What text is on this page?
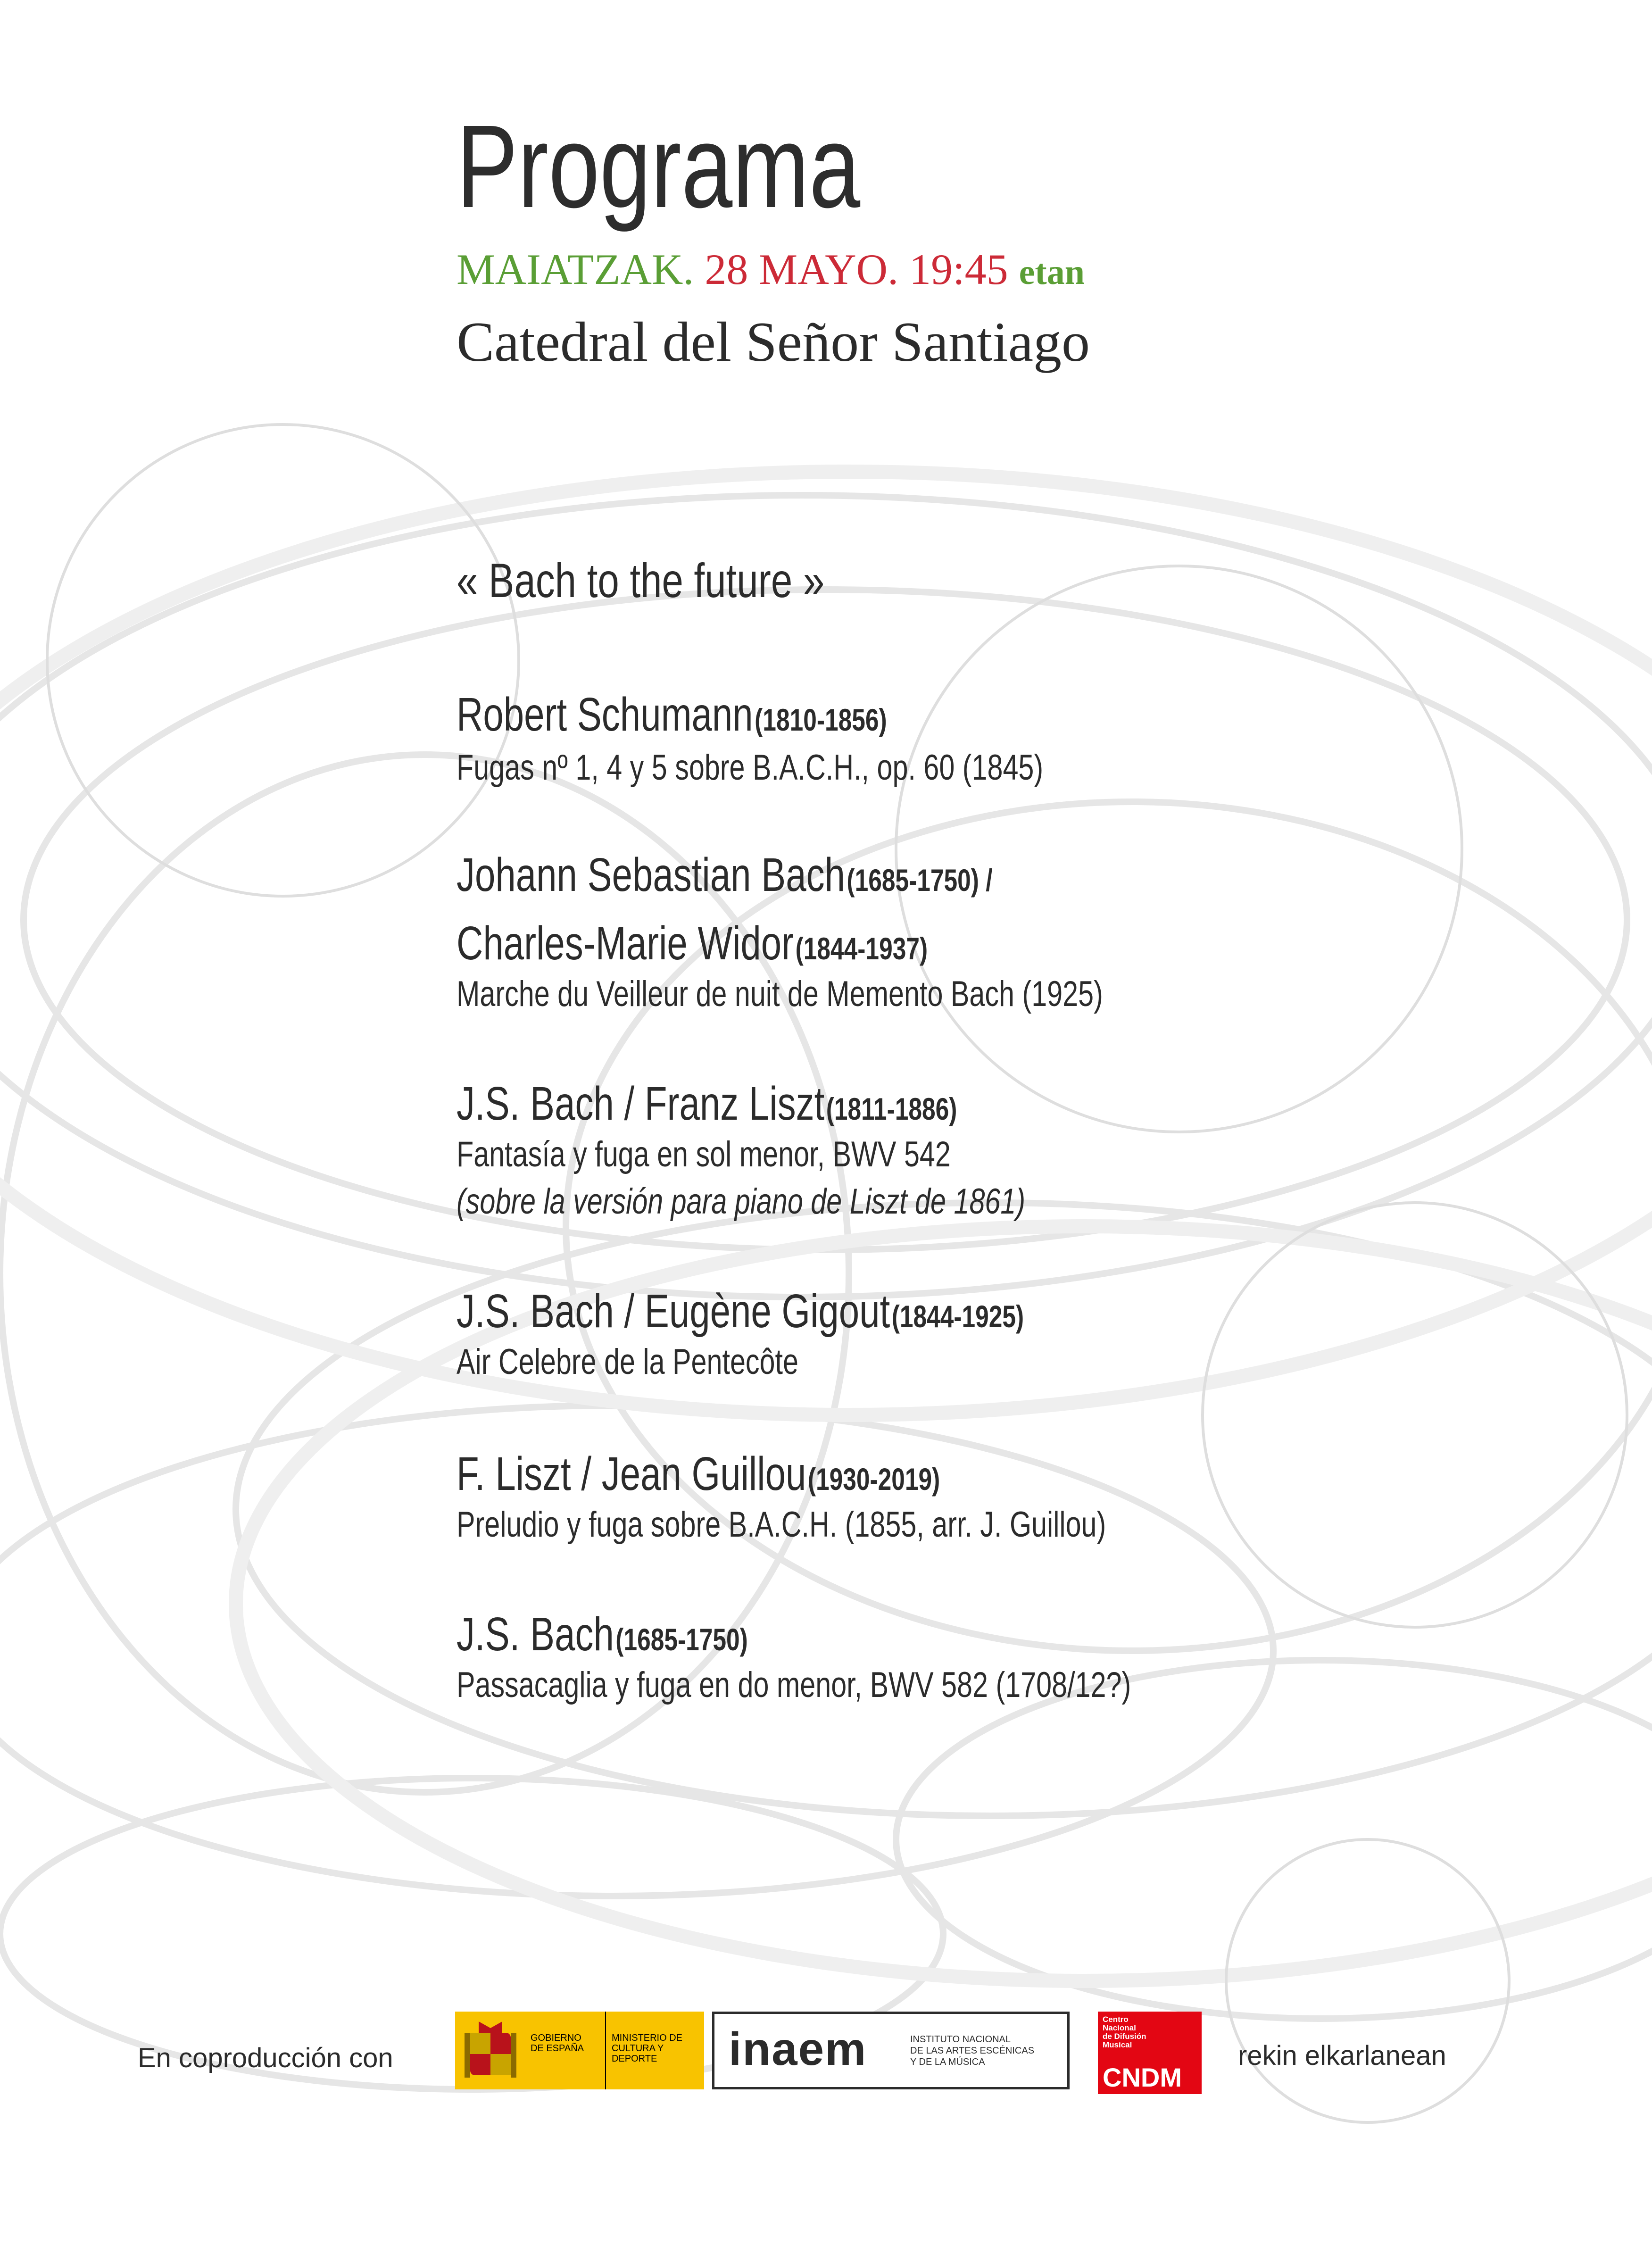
Programa
MAIATZAK. 28 MAYO. 19:45 etan
Catedral del Señor Santiago
« Bach to the future »
Robert Schumann (1810-1856)
Fugas nº 1, 4 y 5 sobre B.A.C.H., op. 60 (1845)
Johann Sebastian Bach (1685-1750) /
Charles-Marie Widor (1844-1937)
Marche du Veilleur de nuit de Memento Bach (1925)
J.S. Bach / Franz Liszt (1811-1886)
Fantasía y fuga en sol menor, BWV 542
(sobre la versión para piano de Liszt de 1861)
J.S. Bach / Eugène Gigout (1844-1925)
Air Celebre de la Pentecôte
F. Liszt / Jean Guillou (1930-2019)
Preludio y fuga sobre B.A.C.H. (1855, arr. J. Guillou)
J.S. Bach (1685-1750)
Passacaglia y fuga en do menor, BWV 582 (1708/12?)
En coproducción con
GOBIERNO DE ESPAÑA
MINISTERIO DE CULTURA Y DEPORTE	inaem	INSTITUTO NACIONAL
DE LAS ARTES ESCÉNICAS
Y DE LA MÚSICA
Centro
Nacional
de Difusión
Musical
CNDM
rekin elkarlanean
